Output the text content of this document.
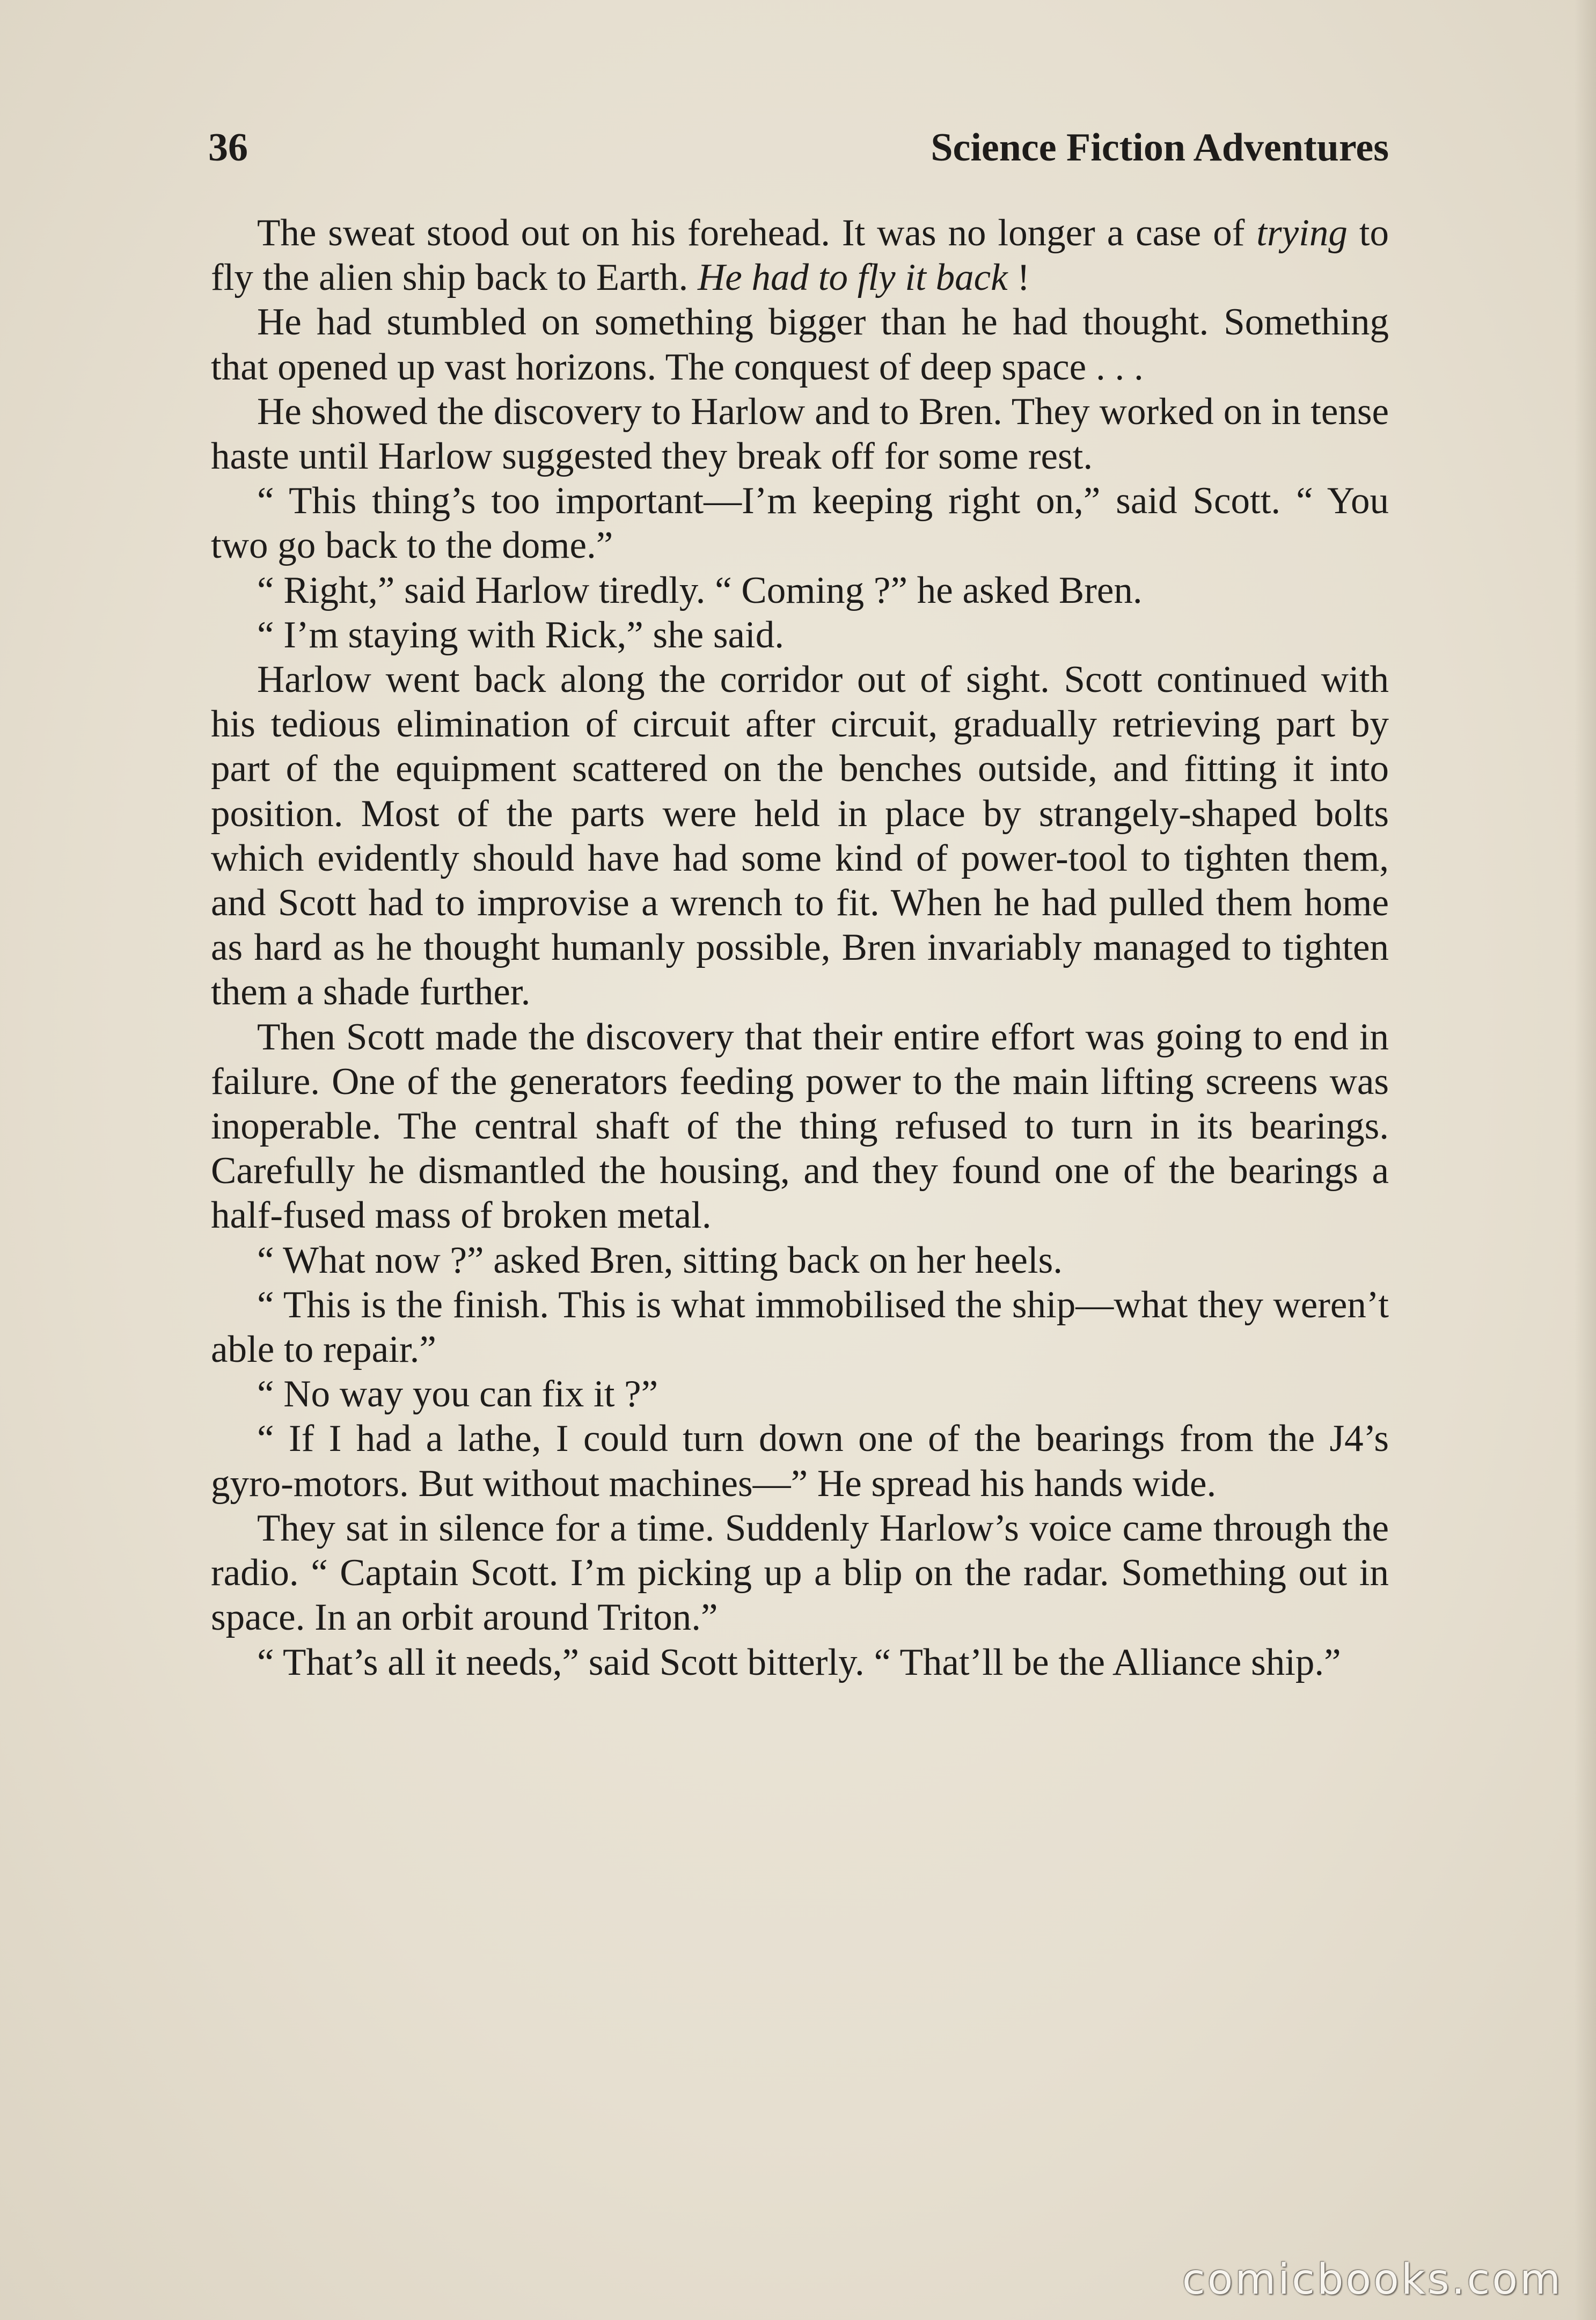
36	Science Fiction Adventures

The sweat stood out on his forehead. It was no longer a case of trying to fly the alien ship back to Earth. He had to fly it back !

He had stumbled on something bigger than he had thought. Something that opened up vast horizons. The conquest of deep space . . .

He showed the discovery to Harlow and to Bren. They worked on in tense haste until Harlow suggested they break off for some rest.

“ This thing’s too important—I’m keeping right on,” said Scott. “ You two go back to the dome.”

“ Right,” said Harlow tiredly. “ Coming ?” he asked Bren.

“ I’m staying with Rick,” she said.

Harlow went back along the corridor out of sight. Scott continued with his tedious elimination of circuit after circuit, gradually retrieving part by part of the equipment scattered on the benches outside, and fitting it into position. Most of the parts were held in place by strangely-shaped bolts which evidently should have had some kind of power-tool to tighten them, and Scott had to improvise a wrench to fit. When he had pulled them home as hard as he thought humanly possible, Bren invariably managed to tighten them a shade further.

Then Scott made the discovery that their entire effort was going to end in failure. One of the generators feeding power to the main lifting screens was inoperable. The central shaft of the thing refused to turn in its bearings. Carefully he dismantled the housing, and they found one of the bearings a half-fused mass of broken metal.

“ What now ?” asked Bren, sitting back on her heels.

“ This is the finish. This is what immobilised the ship—what they weren’t able to repair.”

“ No way you can fix it ?”

“ If I had a lathe, I could turn down one of the bearings from the J4’s gyro-motors. But without machines—” He spread his hands wide.

They sat in silence for a time. Suddenly Harlow’s voice came through the radio. “ Captain Scott. I’m picking up a blip on the radar. Something out in space. In an orbit around Triton.”

“ That’s all it needs,” said Scott bitterly. “ That’ll be the Alliance ship.”

comicbooks.com
